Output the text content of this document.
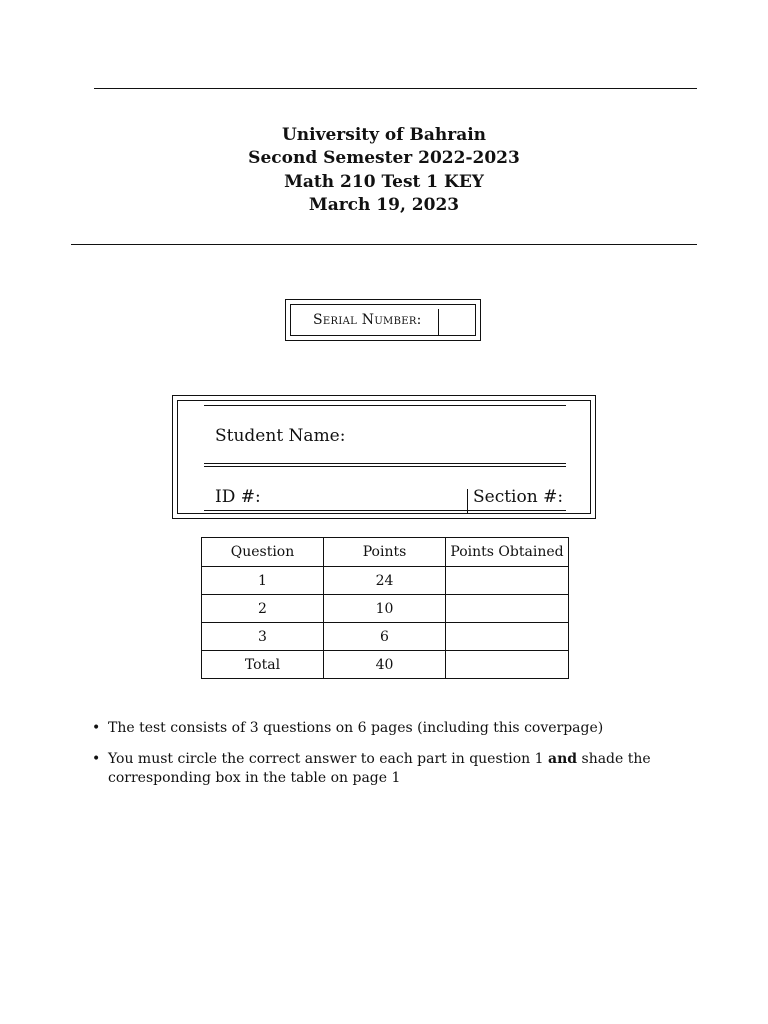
University of Bahrain
Second Semester 2022-2023
Math 210 Test 1 KEY
March 19, 2023
Serial Number:
Student Name:
ID #:	Section #:
Question	Points	Points Obtained
1	24	
2	10	
3	6	
Total	40	
• The test consists of 3 questions on 6 pages (including this coverpage)
• You must circle the correct answer to each part in question 1 and shade the corresponding box in the table on page 1
